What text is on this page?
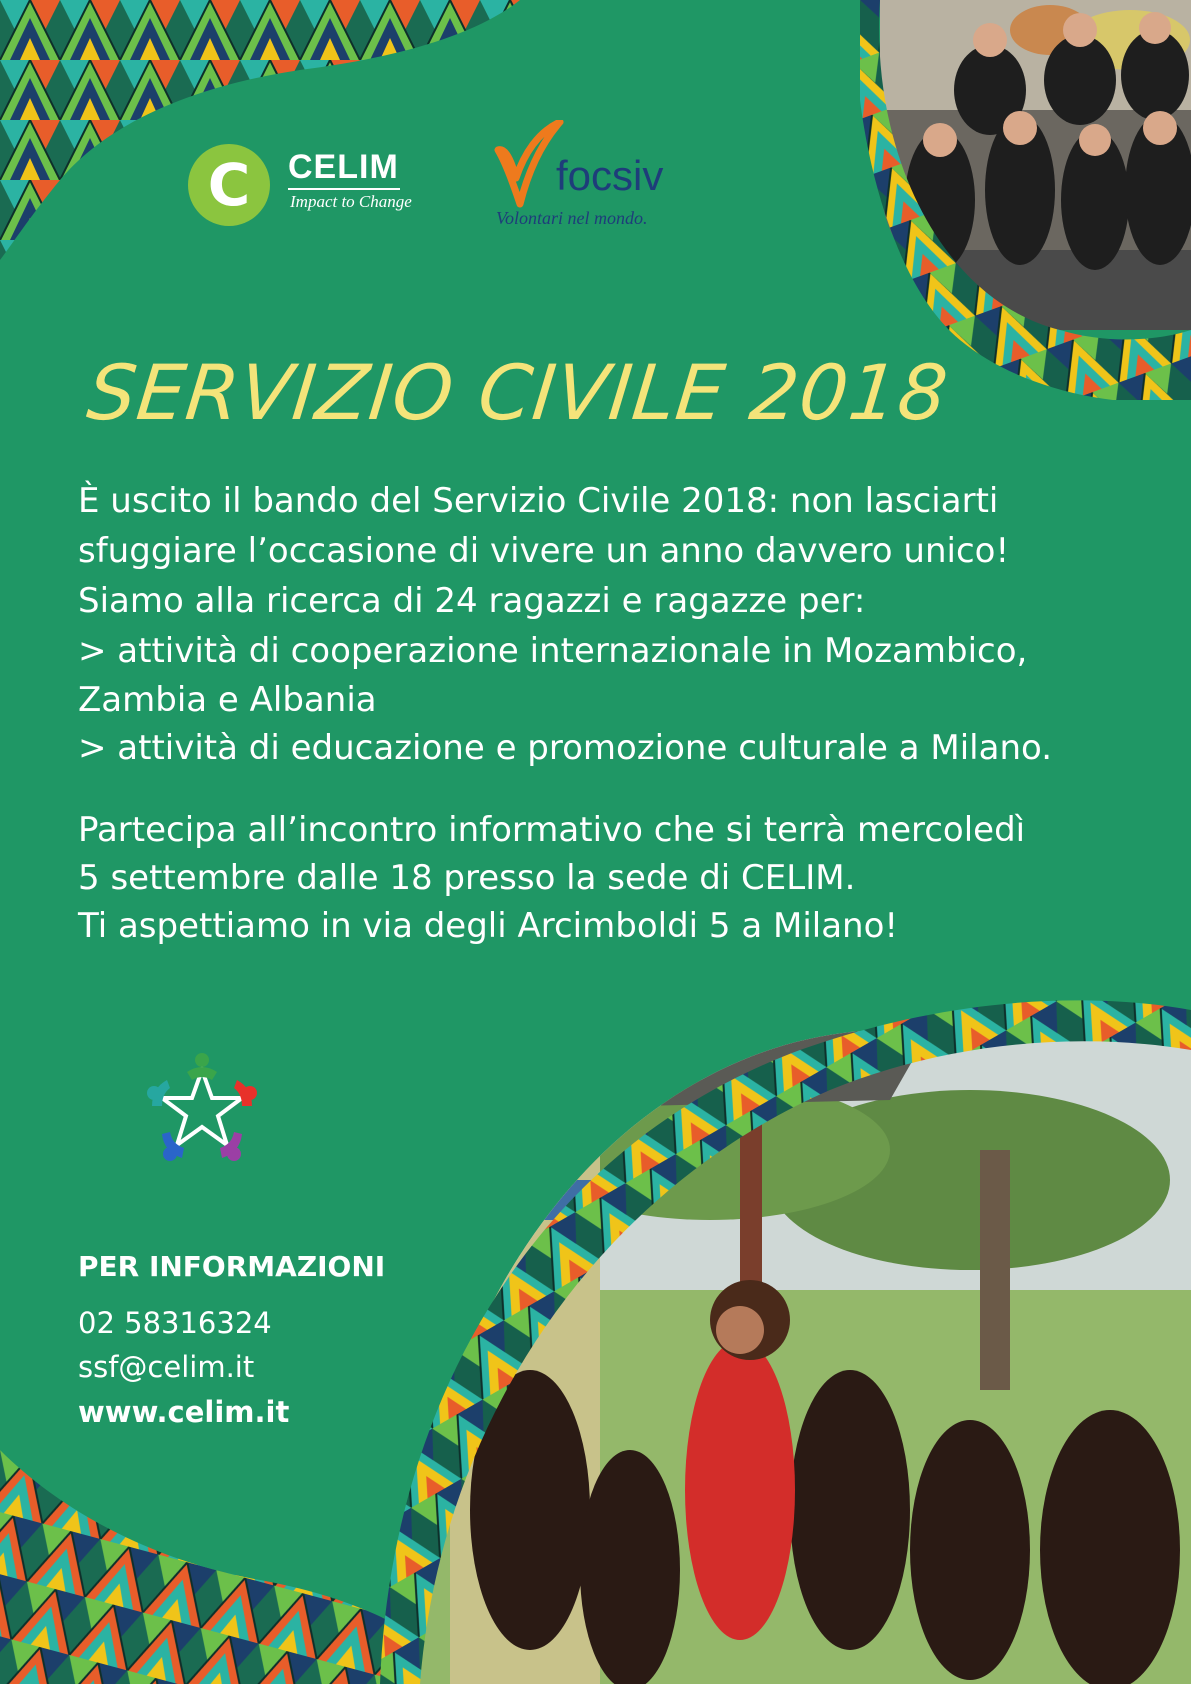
C	CELIM
Impact to Change
focsiv
Volontari nel mondo.
SERVIZIO CIVILE 2018
È uscito il bando del Servizio Civile 2018: non lasciarti
sfuggiare l’occasione di vivere un anno davvero unico!
Siamo alla ricerca di 24 ragazzi e ragazze per:
> attività di cooperazione internazionale in Mozambico,
Zambia e Albania
> attività di educazione e promozione culturale a Milano.
Partecipa all’incontro informativo che si terrà mercoledì
5 settembre dalle 18 presso la sede di CELIM.
Ti aspettiamo in via degli Arcimboldi 5 a Milano!
PER INFORMAZIONI
02 58316324
ssf@celim.it
www.celim.it
